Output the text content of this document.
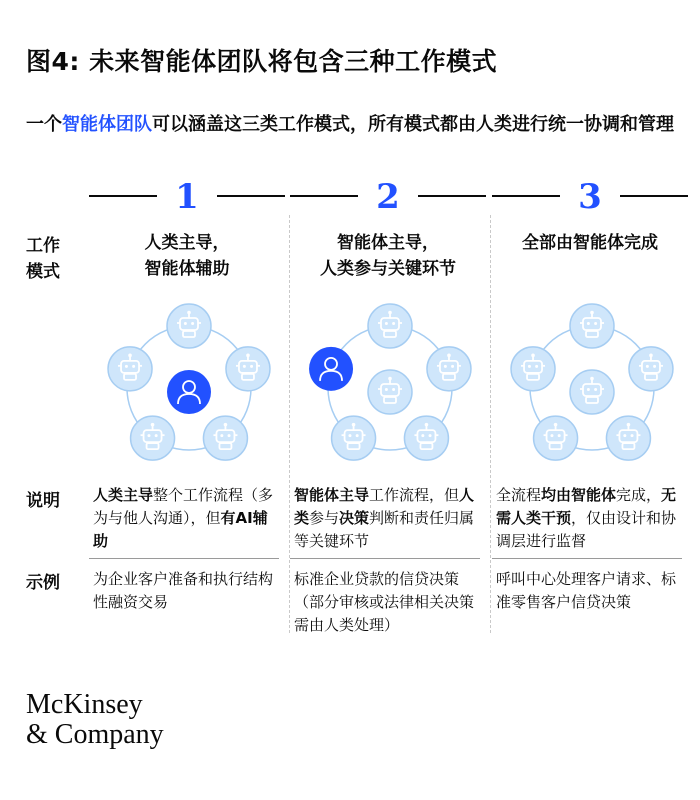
图4: 未来智能体团队将包含三种工作模式
一个智能体团队可以涵盖这三类工作模式，所有模式都由人类进行统一协调和管理
工作
模式
说明
示例
1
人类主导，
智能体辅助
人类主导整个工作流程（多为与他人沟通），但有AI辅助
为企业客户准备和执行结构性融资交易
2
智能体主导，
人类参与关键环节
智能体主导工作流程，但人类参与决策判断和责任归属等关键环节
标准企业贷款的信贷决策（部分审核或法律相关决策需由人类处理）
3
全部由智能体完成
全流程均由智能体完成，无需人类干预，仅由设计和协调层进行监督
呼叫中心处理客户请求、标准零售客户信贷决策
McKinsey
& Company
